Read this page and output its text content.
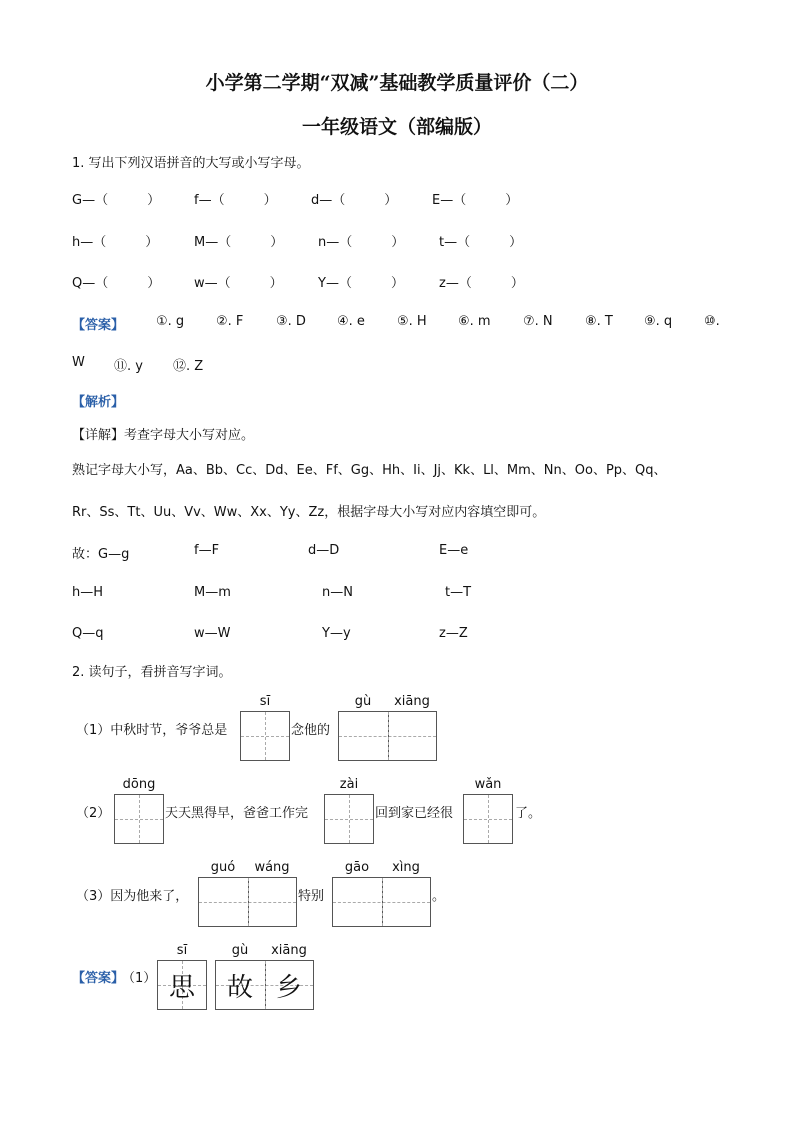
小学第二学期“双减”基础教学质量评价（二）
一年级语文（部编版）
1. 写出下列汉语拼音的大写或小写字母。
G—（　　　）	f—（　　　）	d—（　　　）	E—（　　　）
h—（　　　）	M—（　　　）	n—（　　　）	t—（　　　）
Q—（　　　）	w—（　　　）	Y—（　　　）	z—（　　　）
【答案】 ①. g ②. F	③. D ④. e ⑤. H ⑥. m ⑦. N ⑧. T ⑨. q ⑩.
W ⑪. y ⑫. Z
【解析】
【详解】考查字母大小写对应。
熟记字母大小写，Aa、Bb、Cc、Dd、Ee、Ff、Gg、Hh、Ii、Jj、Kk、Ll、Mm、Nn、Oo、Pp、Qq、
Rr、Ss、Tt、Uu、Vv、Ww、Xx、Yy、Zz，根据字母大小写对应内容填空即可。
故：G—g	f—F	d—D	E—e
h—H	M—m	n—N	t—T
Q—q	w—W	Y—y	z—Z
2. 读句子，看拼音写字词。
sī	gù	xiāng
（1）中秋时节，爷爷总是	念他的
dōng	zài	wǎn
（2）	天天黑得早，爸爸工作完	回到家已经很	了。
guó	wáng	gāo	xìng
（3）因为他来了，	特别	。
【答案】
（1）
sī	gù	xiāng
思	故 乡
